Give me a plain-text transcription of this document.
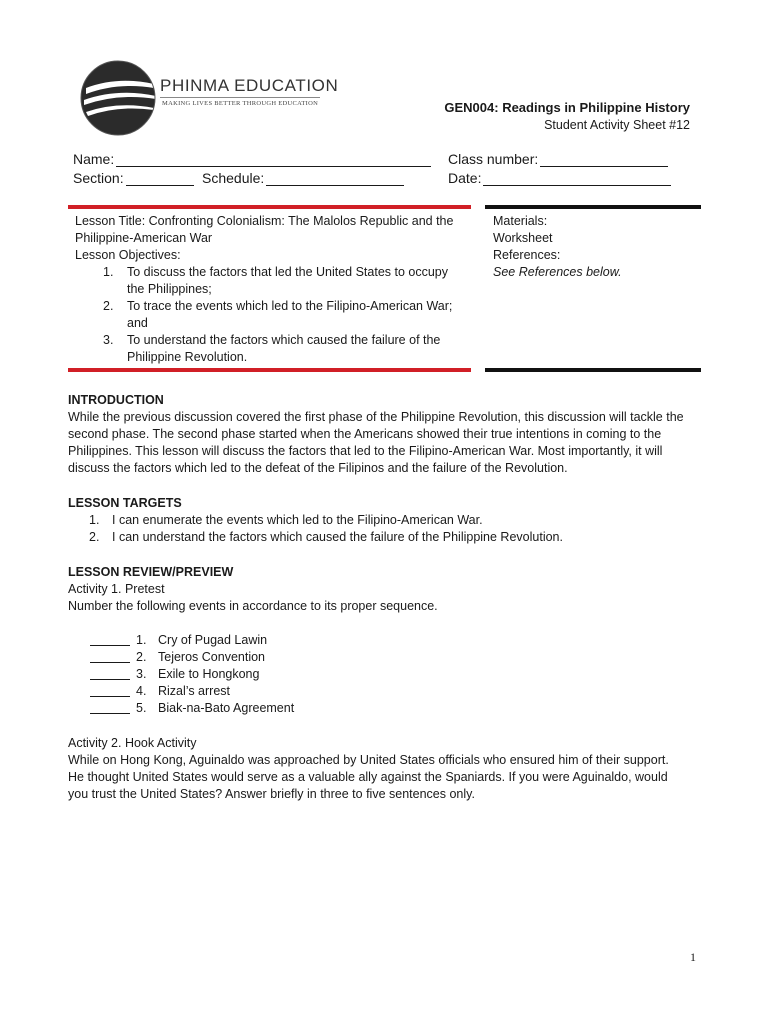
PHINMA EDUCATION
MAKING LIVES BETTER THROUGH EDUCATION	GEN004: Readings in Philippine History
Student Activity Sheet #12
Name:	Class number:
Section:	Schedule:	Date:
Lesson Title: Confronting Colonialism: The Malolos Republic and the
Philippine-American War
Lesson Objectives:
1. To discuss the factors that led the United States to occupy
the Philippines;
2. To trace the events which led to the Filipino-American War;
and
3. To understand the factors which caused the failure of the
Philippine Revolution.
Materials:
Worksheet
References:
See References below.
INTRODUCTION
While the previous discussion covered the first phase of the Philippine Revolution, this discussion will tackle the
second phase. The second phase started when the Americans showed their true intentions in coming to the
Philippines. This lesson will discuss the factors that led to the Filipino-American War. Most importantly, it will
discuss the factors which led to the defeat of the Filipinos and the failure of the Revolution.
LESSON TARGETS
1. I can enumerate the events which led to the Filipino-American War.
2. I can understand the factors which caused the failure of the Philippine Revolution.
LESSON REVIEW/PREVIEW
Activity 1. Pretest
Number the following events in accordance to its proper sequence.
1. Cry of Pugad Lawin
2. Tejeros Convention
3. Exile to Hongkong
4. Rizal’s arrest
5. Biak-na-Bato Agreement
Activity 2. Hook Activity
While on Hong Kong, Aguinaldo was approached by United States officials who ensured him of their support.
He thought United States would serve as a valuable ally against the Spaniards. If you were Aguinaldo, would
you trust the United States? Answer briefly in three to five sentences only.
1
